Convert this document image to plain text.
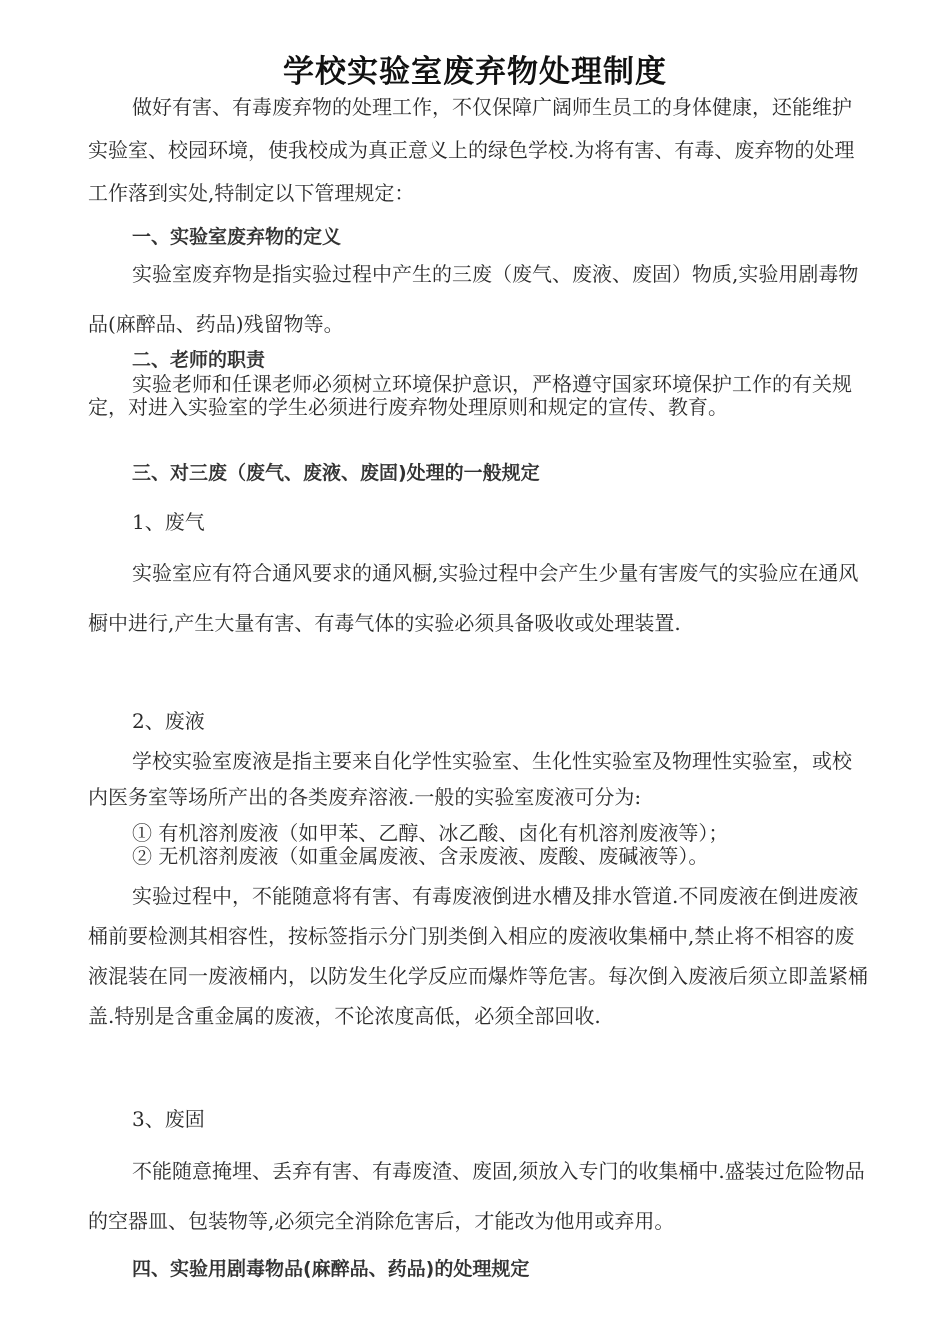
学校实验室废弃物处理制度
做好有害、有毒废弃物的处理工作，不仅保障广阔师生员工的身体健康，还能维护实验室、校园环境，使我校成为真正意义上的绿色学校.为将有害、有毒、废弃物的处理工作落到实处,特制定以下管理规定：
一、实验室废弃物的定义
实验室废弃物是指实验过程中产生的三废（废气、废液、废固）物质,实验用剧毒物品(麻醉品、药品)残留物等。
二、老师的职责
实验老师和任课老师必须树立环境保护意识，严格遵守国家环境保护工作的有关规定，对进入实验室的学生必须进行废弃物处理原则和规定的宣传、教育。
三、对三废（废气、废液、废固)处理的一般规定
1、废气
实验室应有符合通风要求的通风橱,实验过程中会产生少量有害废气的实验应在通风橱中进行,产生大量有害、有毒气体的实验必须具备吸收或处理装置.
2、废液
学校实验室废液是指主要来自化学性实验室、生化性实验室及物理性实验室，或校内医务室等场所产出的各类废弃溶液.一般的实验室废液可分为:
① 有机溶剂废液（如甲苯、乙醇、冰乙酸、卤化有机溶剂废液等）；
② 无机溶剂废液（如重金属废液、含汞废液、废酸、废碱液等）。
实验过程中，不能随意将有害、有毒废液倒进水槽及排水管道.不同废液在倒进废液桶前要检测其相容性，按标签指示分门别类倒入相应的废液收集桶中,禁止将不相容的废液混装在同一废液桶内，以防发生化学反应而爆炸等危害。每次倒入废液后须立即盖紧桶盖.特别是含重金属的废液，不论浓度高低，必须全部回收.
3、废固
不能随意掩埋、丢弃有害、有毒废渣、废固,须放入专门的收集桶中.盛装过危险物品的空器皿、包装物等,必须完全消除危害后，才能改为他用或弃用。
四、实验用剧毒物品(麻醉品、药品)的处理规定
